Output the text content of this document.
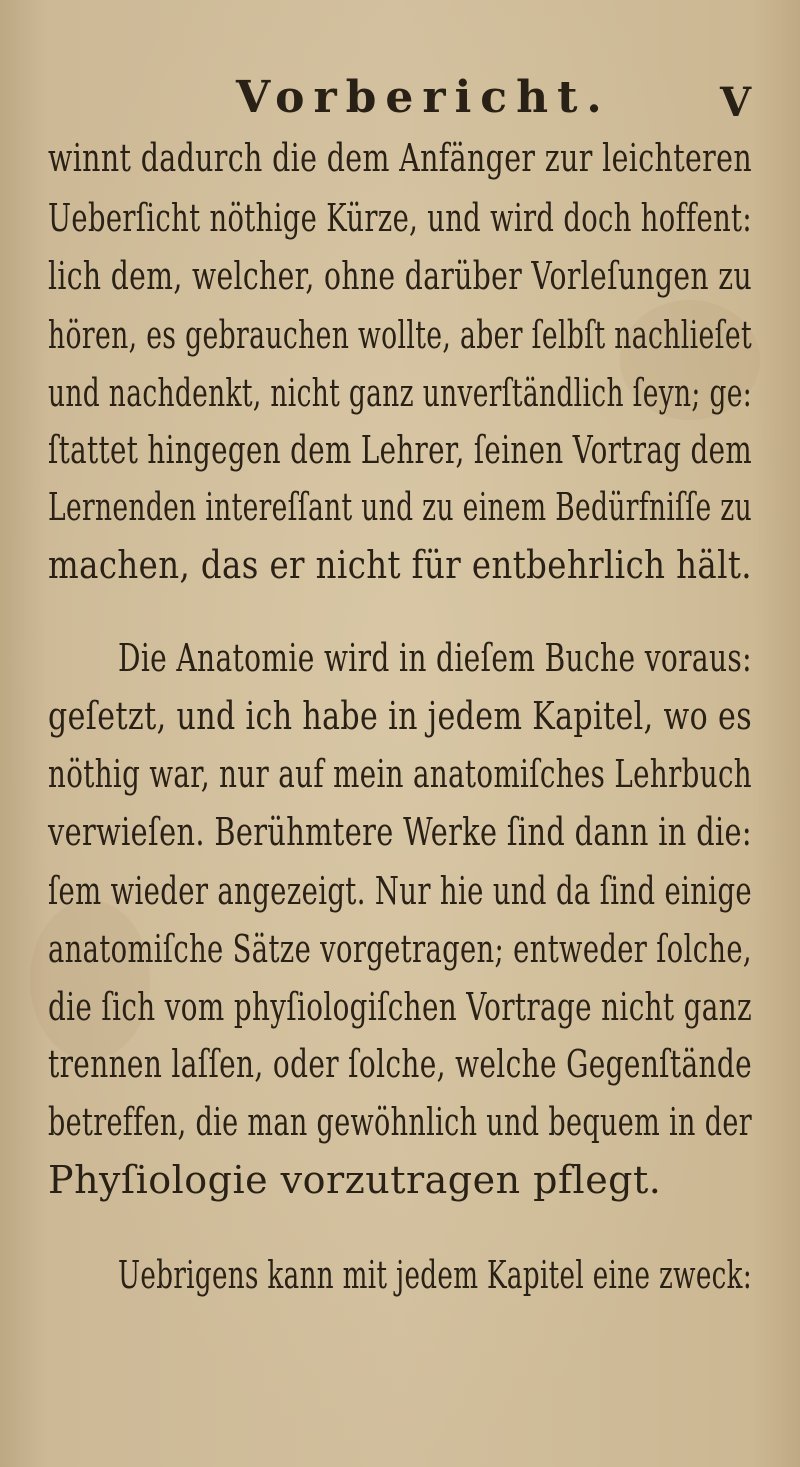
Vorbericht.	V
winnt dadurch die dem Anfänger zur leichteren
Ueberſicht nöthige Kürze, und wird doch hoffent:
lich dem, welcher, ohne darüber Vorleſungen zu
hören, es gebrauchen wollte, aber ſelbſt nachlieſet
und nachdenkt, nicht ganz unverſtändlich ſeyn; ge:
ſtattet hingegen dem Lehrer, ſeinen Vortrag dem
Lernenden intereſſant und zu einem Bedürfniſſe zu
machen, das er nicht für entbehrlich hält.
Die Anatomie wird in dieſem Buche voraus:
geſetzt, und ich habe in jedem Kapitel, wo es
nöthig war, nur auf mein anatomiſches Lehrbuch
verwieſen. Berühmtere Werke ſind dann in die:
ſem wieder angezeigt. Nur hie und da ſind einige
anatomiſche Sätze vorgetragen; entweder ſolche,
die ſich vom phyſiologiſchen Vortrage nicht ganz
trennen laſſen, oder ſolche, welche Gegenſtände
betreffen, die man gewöhnlich und bequem in der
Phyſiologie vorzutragen pflegt.
Uebrigens kann mit jedem Kapitel eine zweck:
